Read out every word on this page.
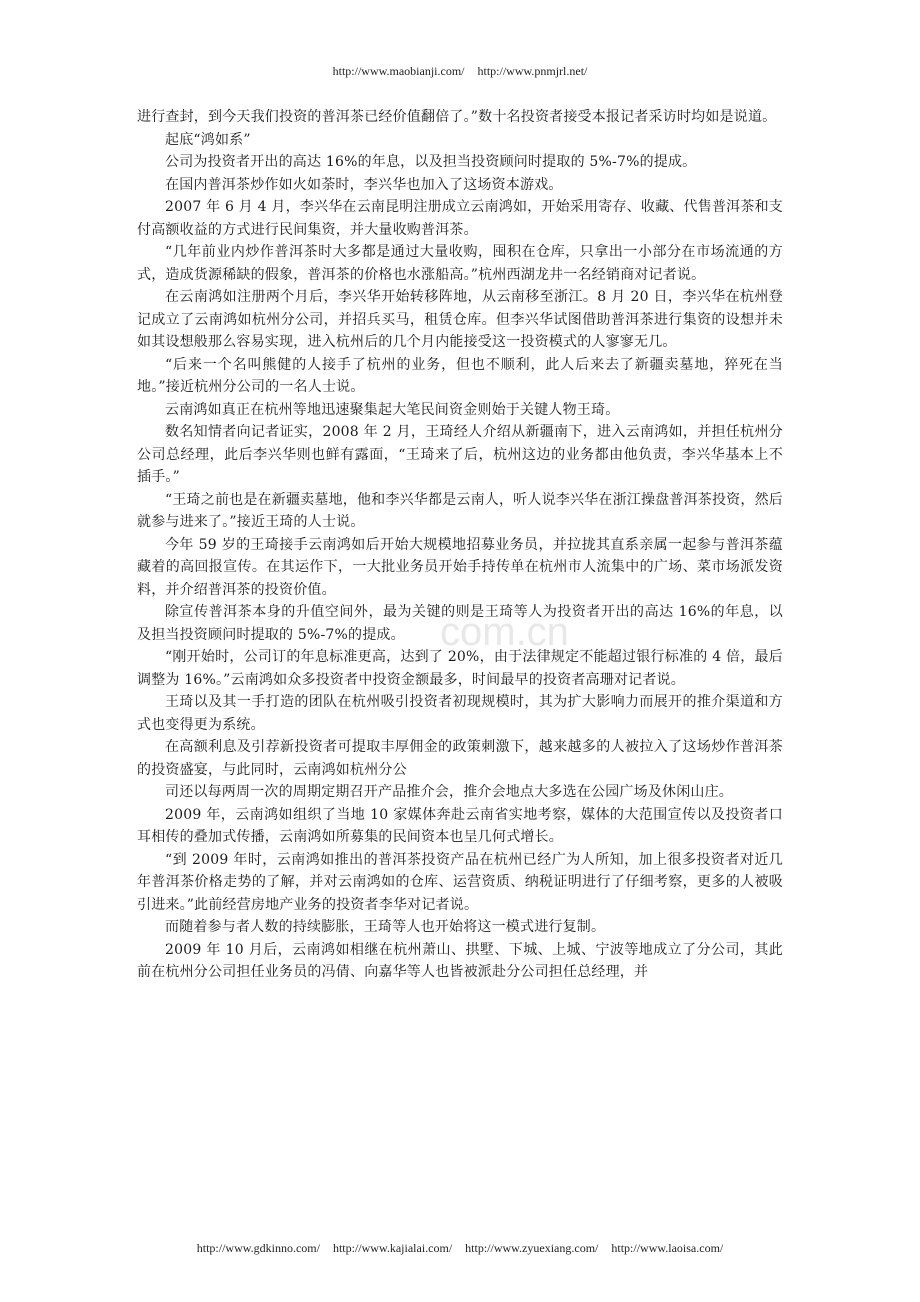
http://www.maobianji.com/ http://www.pnmjrl.net/
com.cn

进行查封，到今天我们投资的普洱茶已经价值翻倍了。”数十名投资者接受本报记者采访时均如是说道。

起底“鸿如系”

公司为投资者开出的高达 16%的年息，以及担当投资顾问时提取的 5%-7%的提成。

在国内普洱茶炒作如火如荼时，李兴华也加入了这场资本游戏。

2007 年 6 月 4 月，李兴华在云南昆明注册成立云南鸿如，开始采用寄存、收藏、代售普洱茶和支付高额收益的方式进行民间集资，并大量收购普洱茶。

“几年前业内炒作普洱茶时大多都是通过大量收购，囤积在仓库，只拿出一小部分在市场流通的方式，造成货源稀缺的假象，普洱茶的价格也水涨船高。”杭州西湖龙井一名经销商对记者说。

在云南鸿如注册两个月后，李兴华开始转移阵地，从云南移至浙江。8 月 20 日，李兴华在杭州登记成立了云南鸿如杭州分公司，并招兵买马，租赁仓库。但李兴华试图借助普洱茶进行集资的设想并未如其设想般那么容易实现，进入杭州后的几个月内能接受这一投资模式的人寥寥无几。

“后来一个名叫熊健的人接手了杭州的业务，但也不顺利，此人后来去了新疆卖墓地，猝死在当地。”接近杭州分公司的一名人士说。

云南鸿如真正在杭州等地迅速聚集起大笔民间资金则始于关键人物王琦。

数名知情者向记者证实，2008 年 2 月，王琦经人介绍从新疆南下，进入云南鸿如，并担任杭州分公司总经理，此后李兴华则也鲜有露面，“王琦来了后，杭州这边的业务都由他负责，李兴华基本上不插手。”

“王琦之前也是在新疆卖墓地，他和李兴华都是云南人，听人说李兴华在浙江操盘普洱茶投资，然后就参与进来了。”接近王琦的人士说。

今年 59 岁的王琦接手云南鸿如后开始大规模地招募业务员，并拉拢其直系亲属一起参与普洱茶蕴藏着的高回报宣传。在其运作下，一大批业务员开始手持传单在杭州市人流集中的广场、菜市场派发资料，并介绍普洱茶的投资价值。

除宣传普洱茶本身的升值空间外，最为关键的则是王琦等人为投资者开出的高达 16%的年息，以及担当投资顾问时提取的 5%-7%的提成。

“刚开始时，公司订的年息标准更高，达到了 20%，由于法律规定不能超过银行标准的 4 倍，最后调整为 16%。”云南鸿如众多投资者中投资金额最多，时间最早的投资者高珊对记者说。

王琦以及其一手打造的团队在杭州吸引投资者初现规模时，其为扩大影响力而展开的推介渠道和方式也变得更为系统。

在高额利息及引荐新投资者可提取丰厚佣金的政策刺激下，越来越多的人被拉入了这场炒作普洱茶的投资盛宴，与此同时，云南鸿如杭州分公

司还以每两周一次的周期定期召开产品推介会，推介会地点大多选在公园广场及休闲山庄。

2009 年，云南鸿如组织了当地 10 家媒体奔赴云南省实地考察，媒体的大范围宣传以及投资者口耳相传的叠加式传播，云南鸿如所募集的民间资本也呈几何式增长。

“到 2009 年时，云南鸿如推出的普洱茶投资产品在杭州已经广为人所知，加上很多投资者对近几年普洱茶价格走势的了解，并对云南鸿如的仓库、运营资质、纳税证明进行了仔细考察，更多的人被吸引进来。”此前经营房地产业务的投资者李华对记者说。

而随着参与者人数的持续膨胀，王琦等人也开始将这一模式进行复制。

2009 年 10 月后，云南鸿如相继在杭州萧山、拱墅、下城、上城、宁波等地成立了分公司，其此前在杭州分公司担任业务员的冯倩、向嘉华等人也皆被派赴分公司担任总经理，并

http://www.gdkinno.com/ http://www.kajialai.com/ http://www.zyuexiang.com/ http://www.laoisa.com/
